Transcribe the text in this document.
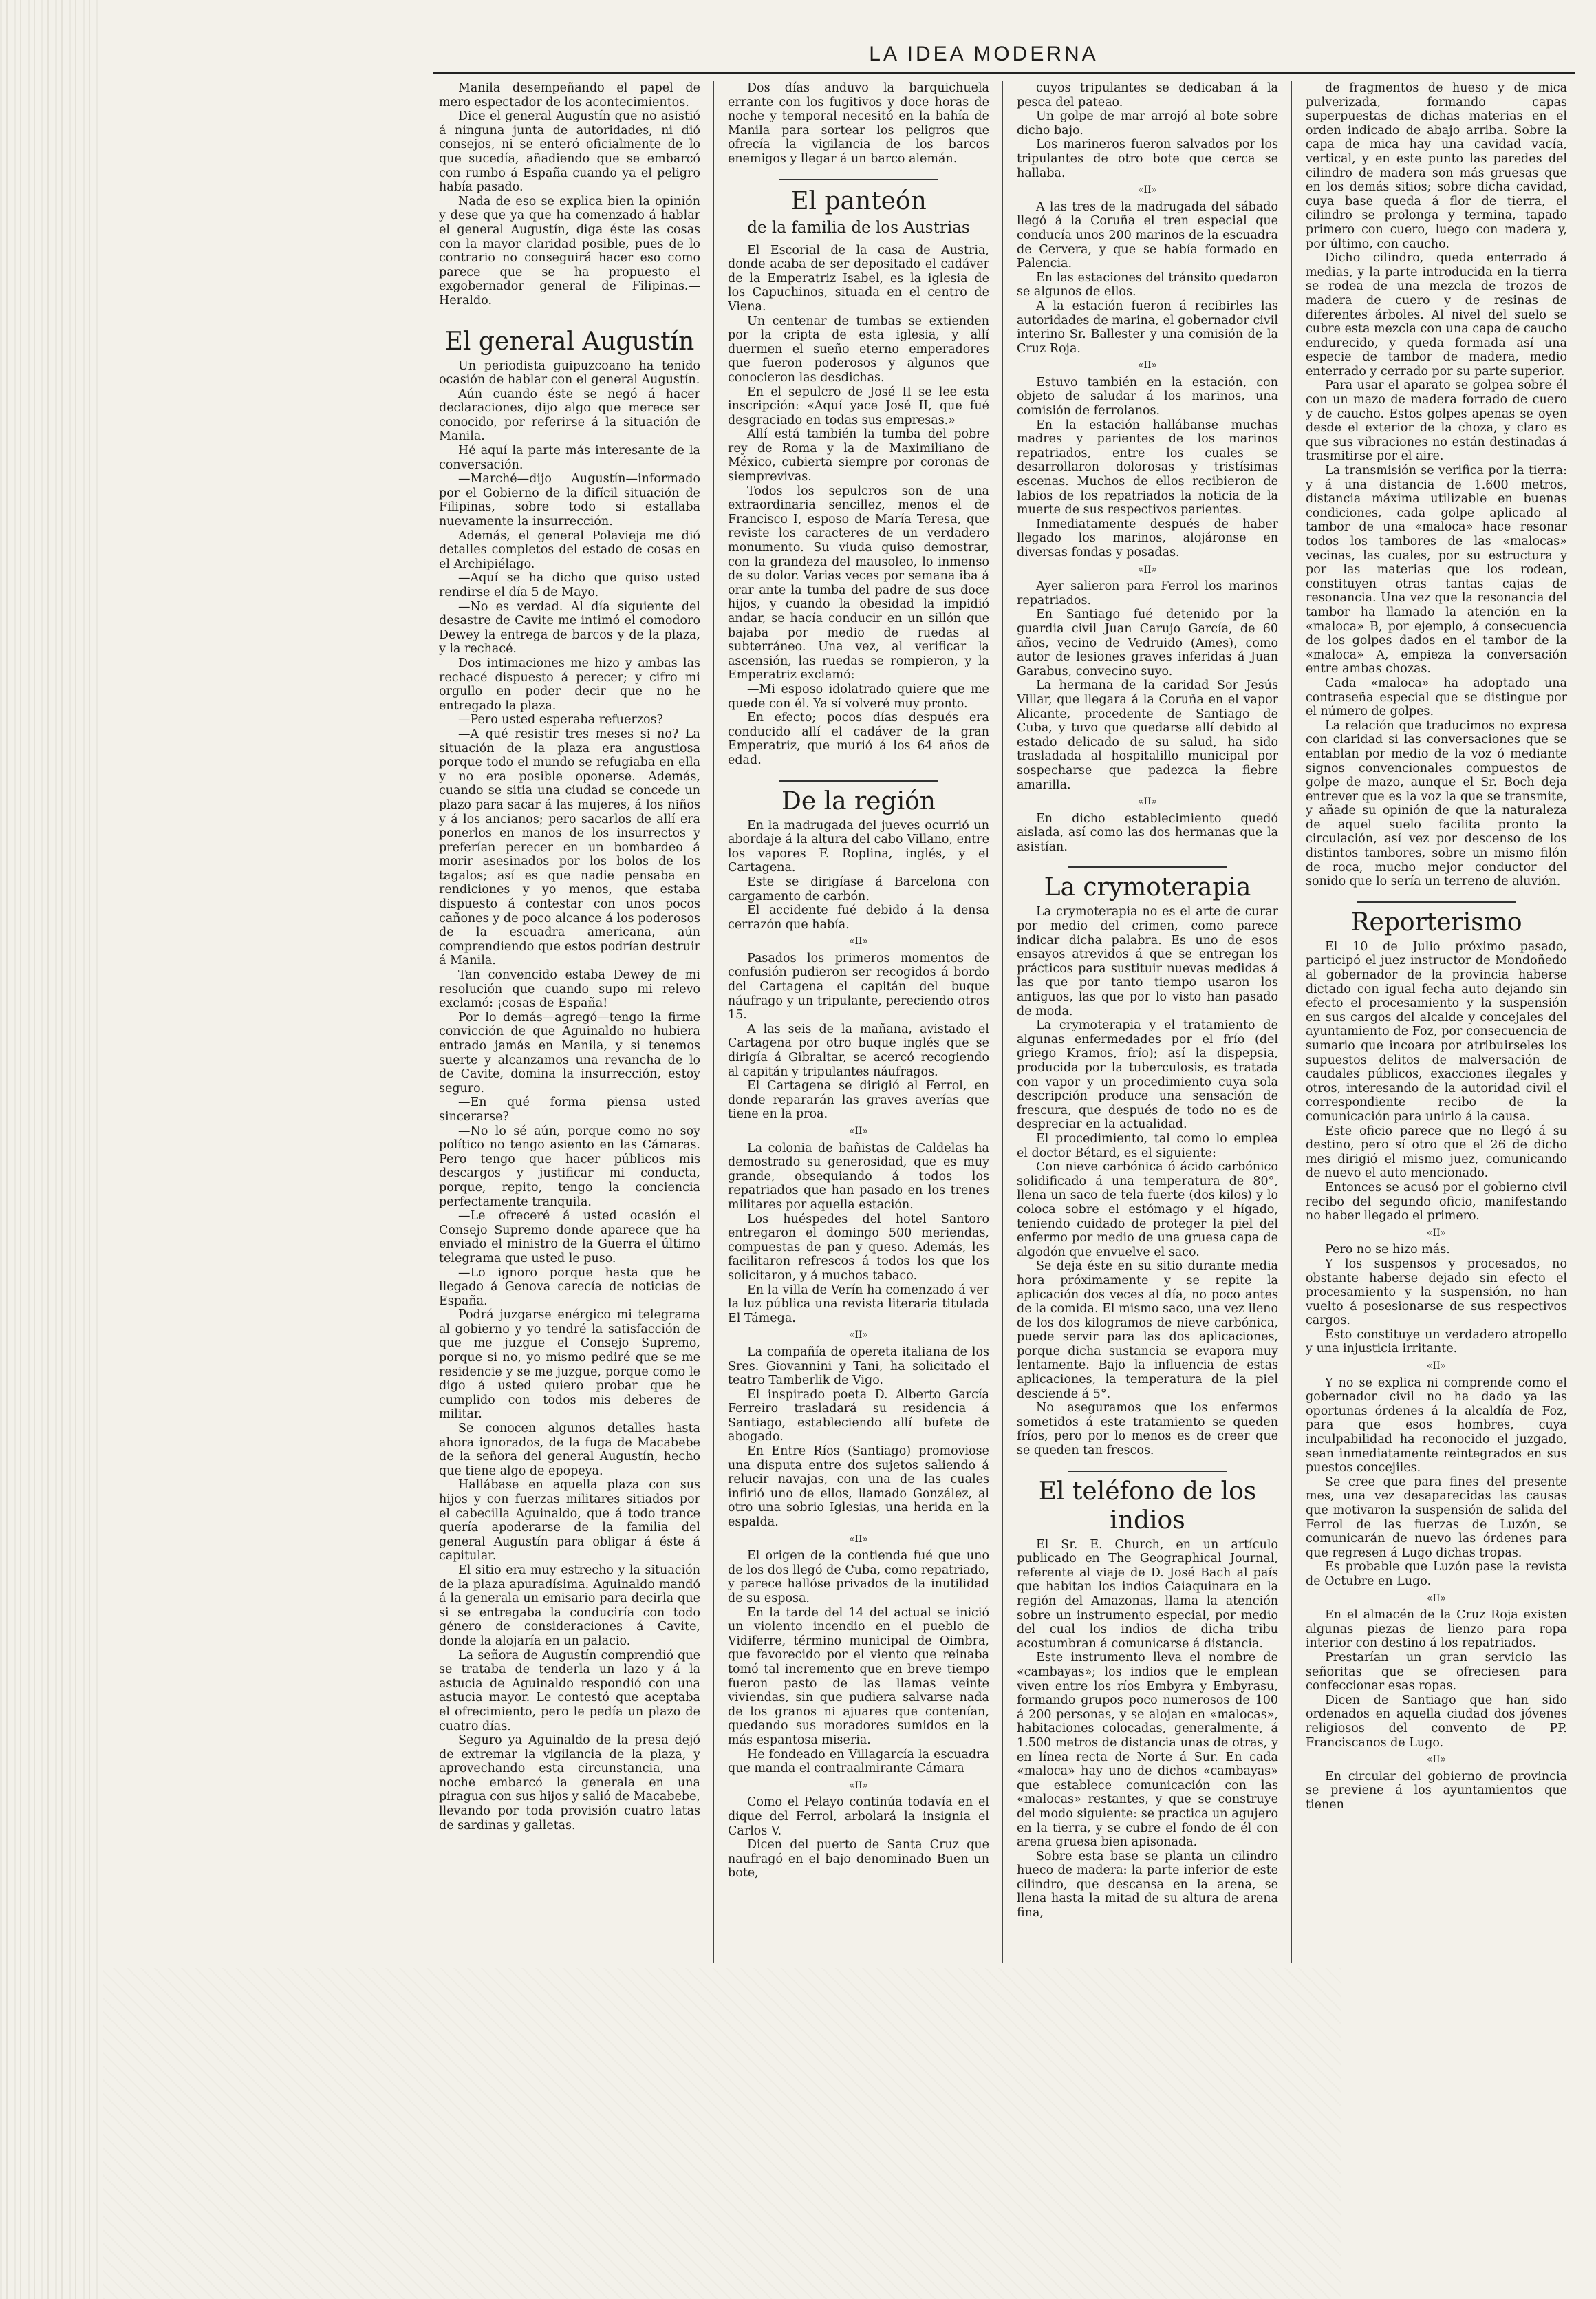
LA IDEA MODERNA

Manila desempeñando el papel de mero espectador de los acontecimientos.

Dice el general Augustín que no asistió á ninguna junta de autoridades, ni dió consejos, ni se enteró oficialmente de lo que sucedía, añadiendo que se embarcó con rumbo á España cuando ya el peligro había pasado.

Nada de eso se explica bien la opinión y dese que ya que ha comenzado á hablar el general Augustín, diga éste las cosas con la mayor claridad posible, pues de lo contrario no conseguirá hacer eso como parece que se ha propuesto el exgobernador general de Filipinas.—Heraldo.

El general Augustín

Un periodista guipuzcoano ha tenido ocasión de hablar con el general Augustín.

Aún cuando éste se negó á hacer declaraciones, dijo algo que merece ser conocido, por referirse á la situación de Manila.

Hé aquí la parte más interesante de la conversación.

—Marché—dijo Augustín—informado por el Gobierno de la difícil situación de Filipinas, sobre todo si estallaba nuevamente la insurrección.

Además, el general Polavieja me dió detalles completos del estado de cosas en el Archipiélago.

—Aquí se ha dicho que quiso usted rendirse el día 5 de Mayo.

—No es verdad. Al día siguiente del desastre de Cavite me intimó el comodoro Dewey la entrega de barcos y de la plaza, y la rechacé.

Dos intimaciones me hizo y ambas las rechacé dispuesto á perecer; y cifro mi orgullo en poder decir que no he entregado la plaza.

—Pero usted esperaba refuerzos?

—A qué resistir tres meses si no? La situación de la plaza era angustiosa porque todo el mundo se refugiaba en ella y no era posible oponerse. Además, cuando se sitia una ciudad se concede un plazo para sacar á las mujeres, á los niños y á los ancianos; pero sacarlos de allí era ponerlos en manos de los insurrectos y preferían perecer en un bombardeo á morir asesinados por los bolos de los tagalos; así es que nadie pensaba en rendiciones y yo menos, que estaba dispuesto á contestar con unos pocos cañones y de poco alcance á los poderosos de la escuadra americana, aún comprendiendo que estos podrían destruir á Manila.

Tan convencido estaba Dewey de mi resolución que cuando supo mi relevo exclamó: ¡cosas de España!

Por lo demás—agregó—tengo la firme convicción de que Aguinaldo no hubiera entrado jamás en Manila, y si tenemos suerte y alcanzamos una revancha de lo de Cavite, domina la insurrección, estoy seguro.

—En qué forma piensa usted sincerarse?

—No lo sé aún, porque como no soy político no tengo asiento en las Cámaras. Pero tengo que hacer públicos mis descargos y justificar mi conducta, porque, repito, tengo la conciencia perfectamente tranquila.

—Le ofreceré á usted ocasión el Consejo Supremo donde aparece que ha enviado el ministro de la Guerra el último telegrama que usted le puso.

—Lo ignoro porque hasta que he llegado á Genova carecía de noticias de España.

Podrá juzgarse enérgico mi telegrama al gobierno y yo tendré la satisfacción de que me juzgue el Consejo Supremo, porque si no, yo mismo pediré que se me residencie y se me juzgue, porque como le digo á usted quiero probar que he cumplido con todos mis deberes de militar.

Se conocen algunos detalles hasta ahora ignorados, de la fuga de Macabebe de la señora del general Augustín, hecho que tiene algo de epopeya.

Hallábase en aquella plaza con sus hijos y con fuerzas militares sitiados por el cabecilla Aguinaldo, que á todo trance quería apoderarse de la familia del general Augustín para obligar á éste á capitular.

El sitio era muy estrecho y la situación de la plaza apuradísima. Aguinaldo mandó á la generala un emisario para decirla que si se entregaba la conduciría con todo género de consideraciones á Cavite, donde la alojaría en un palacio.

La señora de Augustín comprendió que se trataba de tenderla un lazo y á la astucia de Aguinaldo respondió con una astucia mayor. Le contestó que aceptaba el ofrecimiento, pero le pedía un plazo de cuatro días.

Seguro ya Aguinaldo de la presa dejó de extremar la vigilancia de la plaza, y aprovechando esta circunstancia, una noche embarcó la generala en una piragua con sus hijos y salió de Macabebe, llevando por toda provisión cuatro latas de sardinas y galletas.

Dos días anduvo la barquichuela errante con los fugitivos y doce horas de noche y temporal necesitó en la bahía de Manila para sortear los peligros que ofrecía la vigilancia de los barcos enemigos y llegar á un barco alemán.

El panteón
de la familia de los Austrias

El Escorial de la casa de Austria, donde acaba de ser depositado el cadáver de la Emperatriz Isabel, es la iglesia de los Capuchinos, situada en el centro de Viena.

Un centenar de tumbas se extienden por la cripta de esta iglesia, y allí duermen el sueño eterno emperadores que fueron poderosos y algunos que conocieron las desdichas.

En el sepulcro de José II se lee esta inscripción: «Aquí yace José II, que fué desgraciado en todas sus empresas.»

Allí está también la tumba del pobre rey de Roma y la de Maximiliano de México, cubierta siempre por coronas de siemprevivas.

Todos los sepulcros son de una extraordinaria sencillez, menos el de Francisco I, esposo de María Teresa, que reviste los caracteres de un verdadero monumento. Su viuda quiso demostrar, con la grandeza del mausoleo, lo inmenso de su dolor. Varias veces por semana iba á orar ante la tumba del padre de sus doce hijos, y cuando la obesidad la impidió andar, se hacía conducir en un sillón que bajaba por medio de ruedas al subterráneo. Una vez, al verificar la ascensión, las ruedas se rompieron, y la Emperatriz exclamó:

—Mi esposo idolatrado quiere que me quede con él. Ya sí volveré muy pronto.

En efecto; pocos días después era conducido allí el cadáver de la gran Emperatriz, que murió á los 64 años de edad.

De la región

En la madrugada del jueves ocurrió un abordaje á la altura del cabo Villano, entre los vapores F. Roplina, inglés, y el Cartagena.

Este se dirigíase á Barcelona con cargamento de carbón.

El accidente fué debido á la densa cerrazón que había.

«II»

Pasados los primeros momentos de confusión pudieron ser recogidos á bordo del Cartagena el capitán del buque náufrago y un tripulante, pereciendo otros 15.

A las seis de la mañana, avistado el Cartagena por otro buque inglés que se dirigía á Gibraltar, se acercó recogiendo al capitán y tripulantes náufragos.

El Cartagena se dirigió al Ferrol, en donde repararán las graves averías que tiene en la proa.

«II»

La colonia de bañistas de Caldelas ha demostrado su generosidad, que es muy grande, obsequiando á todos los repatriados que han pasado en los trenes militares por aquella estación.

Los huéspedes del hotel Santoro entregaron el domingo 500 meriendas, compuestas de pan y queso. Además, les facilitaron refrescos á todos los que los solicitaron, y á muchos tabaco.

En la villa de Verín ha comenzado á ver la luz pública una revista literaria titulada El Támega.

«II»

La compañía de opereta italiana de los Sres. Giovannini y Tani, ha solicitado el teatro Tamberlik de Vigo.

El inspirado poeta D. Alberto García Ferreiro trasladará su residencia á Santiago, estableciendo allí bufete de abogado.

En Entre Ríos (Santiago) promoviose una disputa entre dos sujetos saliendo á relucir navajas, con una de las cuales infirió uno de ellos, llamado González, al otro una sobrio Iglesias, una herida en la espalda.

«II»

El origen de la contienda fué que uno de los dos llegó de Cuba, como repatriado, y parece hallóse privados de la inutilidad de su esposa.

En la tarde del 14 del actual se inició un violento incendio en el pueblo de Vidiferre, término municipal de Oimbra, que favorecido por el viento que reinaba tomó tal incremento que en breve tiempo fueron pasto de las llamas veinte viviendas, sin que pudiera salvarse nada de los granos ni ajuares que contenían, quedando sus moradores sumidos en la más espantosa miseria.

He fondeado en Villagarcía la escuadra que manda el contraalmirante Cámara

«II»

Como el Pelayo continúa todavía en el dique del Ferrol, arbolará la insignia el Carlos V.

Dicen del puerto de Santa Cruz que naufragó en el bajo denominado Buen un bote,

cuyos tripulantes se dedicaban á la pesca del pateao.

Un golpe de mar arrojó al bote sobre dicho bajo.

Los marineros fueron salvados por los tripulantes de otro bote que cerca se hallaba.

«II»

A las tres de la madrugada del sábado llegó á la Coruña el tren especial que conducía unos 200 marinos de la escuadra de Cervera, y que se había formado en Palencia.

En las estaciones del tránsito quedaron se algunos de ellos.

A la estación fueron á recibirles las autoridades de marina, el gobernador civil interino Sr. Ballester y una comisión de la Cruz Roja.

«II»

Estuvo también en la estación, con objeto de saludar á los marinos, una comisión de ferrolanos.

En la estación hallábanse muchas madres y parientes de los marinos repatriados, entre los cuales se desarrollaron dolorosas y tristísimas escenas. Muchos de ellos recibieron de labios de los repatriados la noticia de la muerte de sus respectivos parientes.

Inmediatamente después de haber llegado los marinos, alojáronse en diversas fondas y posadas.

«II»

Ayer salieron para Ferrol los marinos repatriados.

En Santiago fué detenido por la guardia civil Juan Carujo García, de 60 años, vecino de Vedruido (Ames), como autor de lesiones graves inferidas á Juan Garabus, convecino suyo.

La hermana de la caridad Sor Jesús Villar, que llegara á la Coruña en el vapor Alicante, procedente de Santiago de Cuba, y tuvo que quedarse allí debido al estado delicado de su salud, ha sido trasladada al hospitalillo municipal por sospecharse que padezca la fiebre amarilla.

«II»

En dicho establecimiento quedó aislada, así como las dos hermanas que la asistían.

La crymoterapia

La crymoterapia no es el arte de curar por medio del crimen, como parece indicar dicha palabra. Es uno de esos ensayos atrevidos á que se entregan los prácticos para sustituir nuevas medidas á las que por tanto tiempo usaron los antiguos, las que por lo visto han pasado de moda.

La crymoterapia y el tratamiento de algunas enfermedades por el frío (del griego Kramos, frío); así la dispepsia, producida por la tuberculosis, es tratada con vapor y un procedimiento cuya sola descripción produce una sensación de frescura, que después de todo no es de despreciar en la actualidad.

El procedimiento, tal como lo emplea el doctor Bétard, es el siguiente:

Con nieve carbónica ó ácido carbónico solidificado á una temperatura de 80°, llena un saco de tela fuerte (dos kilos) y lo coloca sobre el estómago y el hígado, teniendo cuidado de proteger la piel del enfermo por medio de una gruesa capa de algodón que envuelve el saco.

Se deja éste en su sitio durante media hora próximamente y se repite la aplicación dos veces al día, no poco antes de la comida. El mismo saco, una vez lleno de los dos kilogramos de nieve carbónica, puede servir para las dos aplicaciones, porque dicha sustancia se evapora muy lentamente. Bajo la influencia de estas aplicaciones, la temperatura de la piel desciende á 5°.

No aseguramos que los enfermos sometidos á este tratamiento se queden fríos, pero por lo menos es de creer que se queden tan frescos.

El teléfono de los indios

El Sr. E. Church, en un artículo publicado en The Geographical Journal, referente al viaje de D. José Bach al país que habitan los indios Caiaquinara en la región del Amazonas, llama la atención sobre un instrumento especial, por medio del cual los indios de dicha tribu acostumbran á comunicarse á distancia.

Este instrumento lleva el nombre de «cambayas»; los indios que le emplean viven entre los ríos Embyra y Embyrasu, formando grupos poco numerosos de 100 á 200 personas, y se alojan en «malocas», habitaciones colocadas, generalmente, á 1.500 metros de distancia unas de otras, y en línea recta de Norte á Sur. En cada «maloca» hay uno de dichos «cambayas» que establece comunicación con las «malocas» restantes, y que se construye del modo siguiente: se practica un agujero en la tierra, y se cubre el fondo de él con arena gruesa bien apisonada.

Sobre esta base se planta un cilindro hueco de madera: la parte inferior de este cilindro, que descansa en la arena, se llena hasta la mitad de su altura de arena fina,

de fragmentos de hueso y de mica pulverizada, formando capas superpuestas de dichas materias en el orden indicado de abajo arriba. Sobre la capa de mica hay una cavidad vacía, vertical, y en este punto las paredes del cilindro de madera son más gruesas que en los demás sitios; sobre dicha cavidad, cuya base queda á flor de tierra, el cilindro se prolonga y termina, tapado primero con cuero, luego con madera y, por último, con caucho.

Dicho cilindro, queda enterrado á medias, y la parte introducida en la tierra se rodea de una mezcla de trozos de madera de cuero y de resinas de diferentes árboles. Al nivel del suelo se cubre esta mezcla con una capa de caucho endurecido, y queda formada así una especie de tambor de madera, medio enterrado y cerrado por su parte superior.

Para usar el aparato se golpea sobre él con un mazo de madera forrado de cuero y de caucho. Estos golpes apenas se oyen desde el exterior de la choza, y claro es que sus vibraciones no están destinadas á trasmitirse por el aire.

La transmisión se verifica por la tierra: y á una distancia de 1.600 metros, distancia máxima utilizable en buenas condiciones, cada golpe aplicado al tambor de una «maloca» hace resonar todos los tambores de las «malocas» vecinas, las cuales, por su estructura y por las materias que los rodean, constituyen otras tantas cajas de resonancia. Una vez que la resonancia del tambor ha llamado la atención en la «maloca» B, por ejemplo, á consecuencia de los golpes dados en el tambor de la «maloca» A, empieza la conversación entre ambas chozas.

Cada «maloca» ha adoptado una contraseña especial que se distingue por el número de golpes.

La relación que traducimos no expresa con claridad si las conversaciones que se entablan por medio de la voz ó mediante signos convencionales compuestos de golpe de mazo, aunque el Sr. Boch deja entrever que es la voz la que se transmite, y añade su opinión de que la naturaleza de aquel suelo facilita pronto la circulación, así vez por descenso de los distintos tambores, sobre un mismo filón de roca, mucho mejor conductor del sonido que lo sería un terreno de aluvión.

Reporterismo

El 10 de Julio próximo pasado, participó el juez instructor de Mondoñedo al gobernador de la provincia haberse dictado con igual fecha auto dejando sin efecto el procesamiento y la suspensión en sus cargos del alcalde y concejales del ayuntamiento de Foz, por consecuencia de sumario que incoara por atribuirseles los supuestos delitos de malversación de caudales públicos, exacciones ilegales y otros, interesando de la autoridad civil el correspondiente recibo de la comunicación para unirlo á la causa.

Este oficio parece que no llegó á su destino, pero sí otro que el 26 de dicho mes dirigió el mismo juez, comunicando de nuevo el auto mencionado.

Entonces se acusó por el gobierno civil recibo del segundo oficio, manifestando no haber llegado el primero.

«II»

Pero no se hizo más.

Y los suspensos y procesados, no obstante haberse dejado sin efecto el procesamiento y la suspensión, no han vuelto á posesionarse de sus respectivos cargos.

Esto constituye un verdadero atropello y una injusticia irritante.

«II»

Y no se explica ni comprende como el gobernador civil no ha dado ya las oportunas órdenes á la alcaldía de Foz, para que esos hombres, cuya inculpabilidad ha reconocido el juzgado, sean inmediatamente reintegrados en sus puestos concejiles.

Se cree que para fines del presente mes, una vez desaparecidas las causas que motivaron la suspensión de salida del Ferrol de las fuerzas de Luzón, se comunicarán de nuevo las órdenes para que regresen á Lugo dichas tropas.

Es probable que Luzón pase la revista de Octubre en Lugo.

«II»

En el almacén de la Cruz Roja existen algunas piezas de lienzo para ropa interior con destino á los repatriados.

Prestarían un gran servicio las señoritas que se ofreciesen para confeccionar esas ropas.

Dicen de Santiago que han sido ordenados en aquella ciudad dos jóvenes religiosos del convento de PP. Franciscanos de Lugo.

«II»

En circular del gobierno de provincia se previene á los ayuntamientos que tienen
